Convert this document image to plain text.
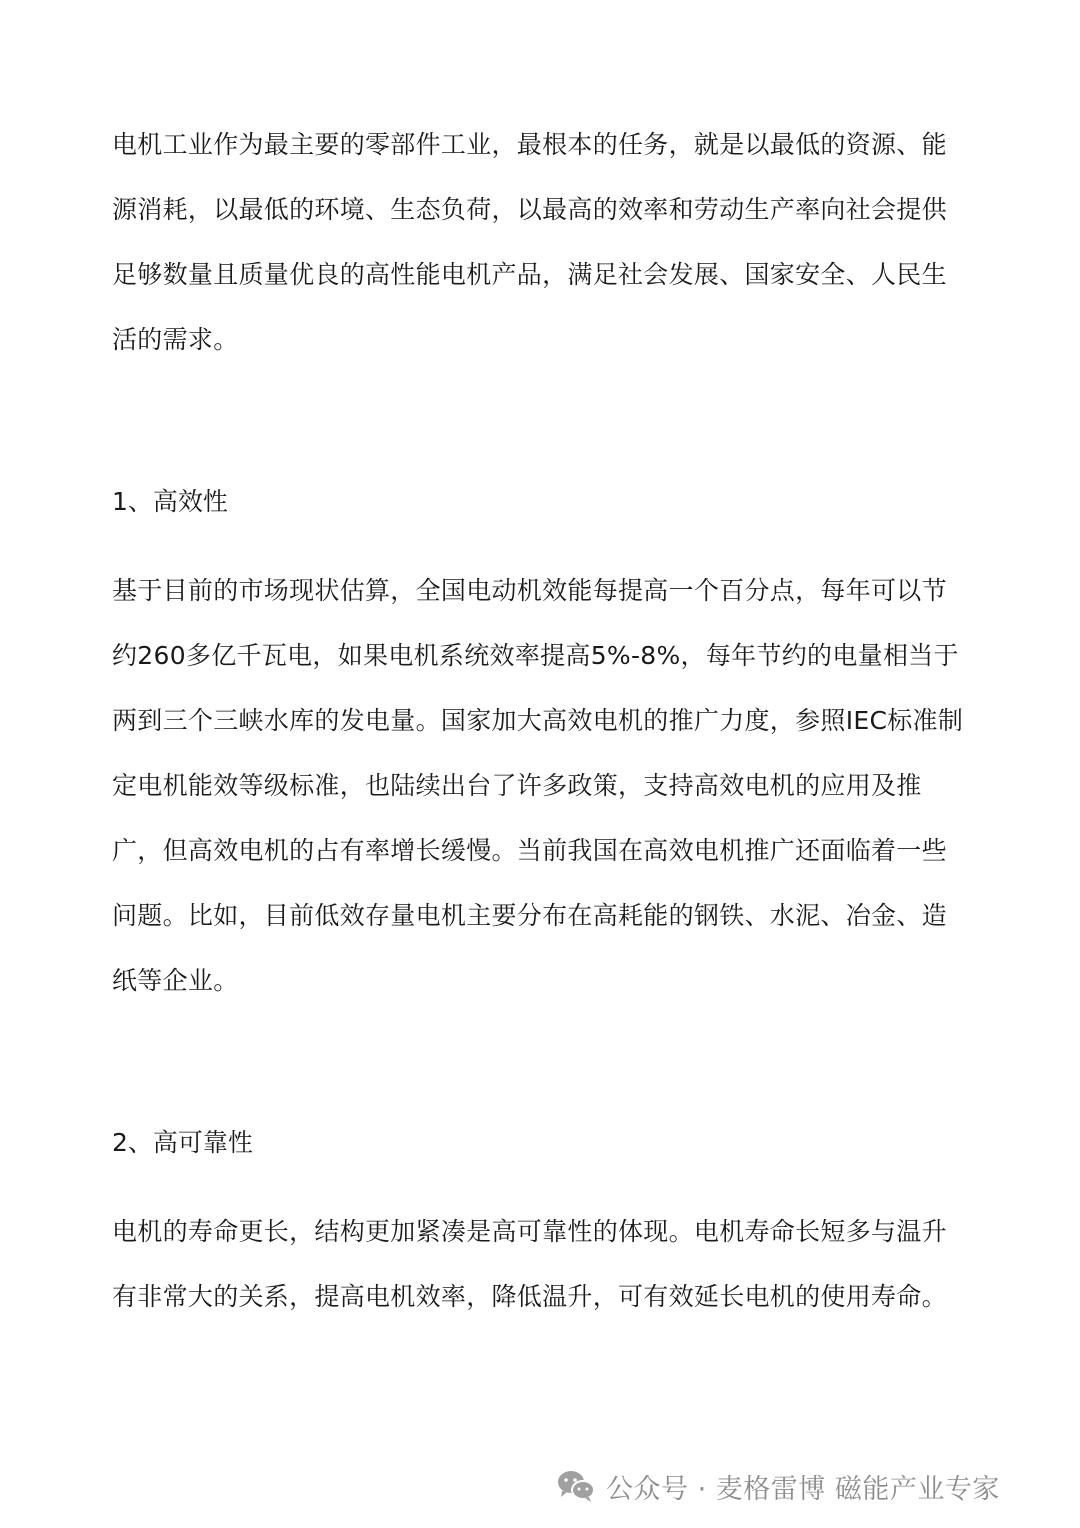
电机工业作为最主要的零部件工业，最根本的任务，就是以最低的资源、能源消耗，以最低的环境、生态负荷，以最高的效率和劳动生产率向社会提供足够数量且质量优良的高性能电机产品，满足社会发展、国家安全、人民生活的需求。

1、高效性

基于目前的市场现状估算，全国电动机效能每提高一个百分点，每年可以节约260多亿千瓦电，如果电机系统效率提高5%-8%，每年节约的电量相当于两到三个三峡水库的发电量。国家加大高效电机的推广力度，参照IEC标准制定电机能效等级标准，也陆续出台了许多政策，支持高效电机的应用及推广，但高效电机的占有率增长缓慢。当前我国在高效电机推广还面临着一些问题。比如，目前低效存量电机主要分布在高耗能的钢铁、水泥、冶金、造纸等企业。

2、高可靠性

电机的寿命更长，结构更加紧凑是高可靠性的体现。电机寿命长短多与温升有非常大的关系，提高电机效率，降低温升，可有效延长电机的使用寿命。

公众号 · 麦格雷博 磁能产业专家
